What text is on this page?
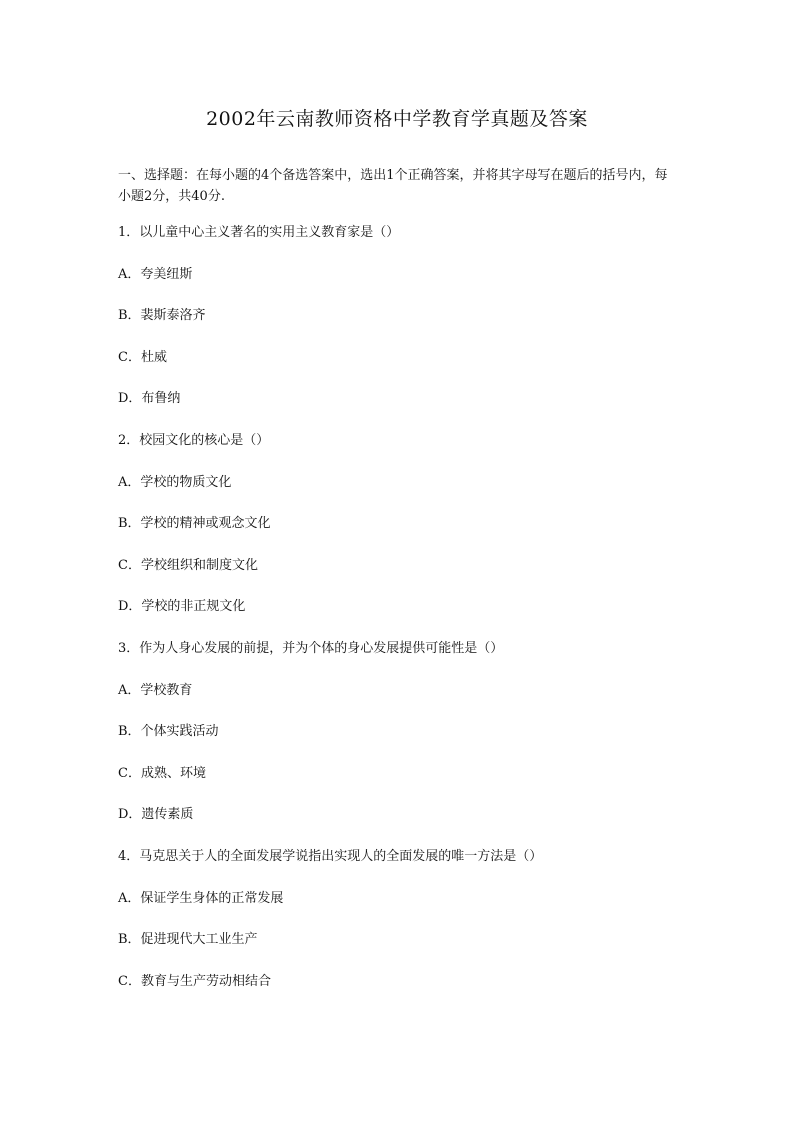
2002年云南教师资格中学教育学真题及答案

一、选择题：在每小题的4个备选答案中，选出1个正确答案，并将其字母写在题后的括号内，每小题2分，共40分.

1．以儿童中心主义著名的实用主义教育家是（）
A．夸美纽斯
B．裴斯泰洛齐
C．杜威
D．布鲁纳
2．校园文化的核心是（）
A．学校的物质文化
B．学校的精神或观念文化
C．学校组织和制度文化
D．学校的非正规文化
3．作为人身心发展的前提，并为个体的身心发展提供可能性是（）
A．学校教育
B．个体实践活动
C．成熟、环境
D．遗传素质
4．马克思关于人的全面发展学说指出实现人的全面发展的唯一方法是（）
A．保证学生身体的正常发展
B．促进现代大工业生产
C．教育与生产劳动相结合
